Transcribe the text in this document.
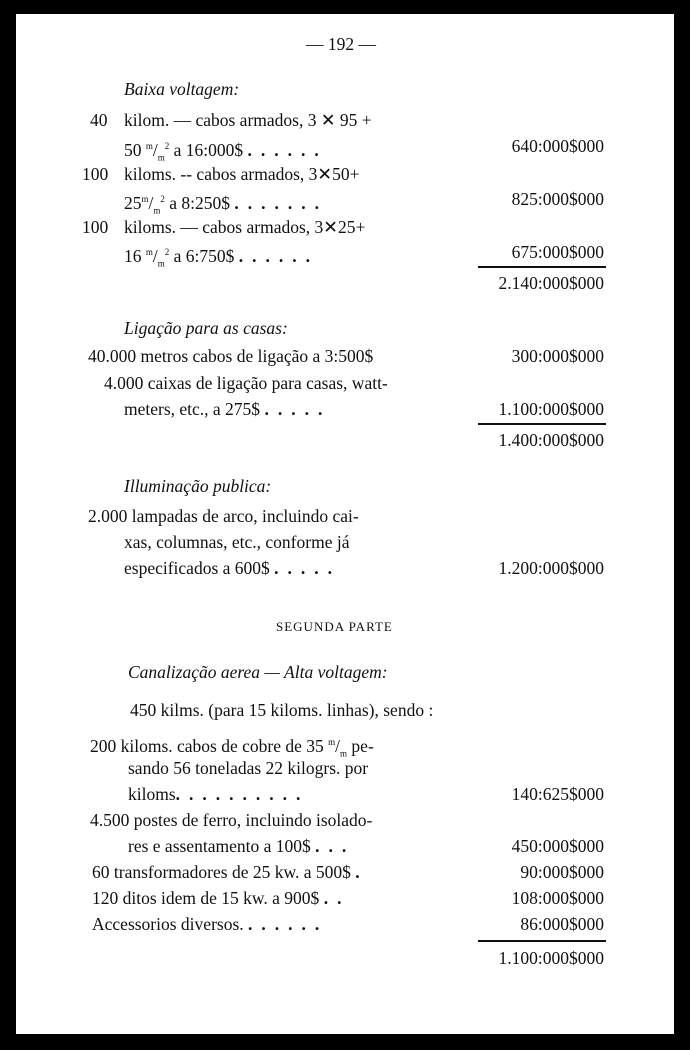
— 192 —
Baixa voltagem:
40 kilom. — cabos armados, 3 ✕ 95 +
50 $^m/_m^2$ a 16:000$ ......	640:000$000
100 kiloms. -- cabos armados, 3✕50+
$25^m/_m^2$ a 8:250$ .......	825:000$000
100 kiloms. — cabos armados, 3✕25+
16 $^m/_m^2$ a 6:750$ ......	675:000$000
2.140:000$000
Ligação para as casas:
40.000 metros cabos de ligação a 3:500$	300:000$000
4.000 caixas de ligação para casas, watt-
meters, etc., a 275$ .....	1.100:000$000
1.400:000$000
Illuminação publica:
2.000 lampadas de arco, incluindo cai-
xas, columnas, etc., conforme já
especificados a 600$ .....	1.200:000$000
SEGUNDA PARTE
Canalização aerea — Alta voltagem:
450 kilms. (para 15 kiloms. linhas), sendo :
200 kiloms. cabos de cobre de 35 $^m/_m$ pe-
sando 56 toneladas 22 kilogrs. por
kiloms..........	140:625$000
4.500 postes de ferro, incluindo isolado-
res e assentamento a 100$ ...	450:000$000
60 transformadores de 25 kw. a 500$ .	90:000$000
120 ditos idem de 15 kw. a 900$ ..	108:000$000
Accessorios diversos. ......	86:000$000
1.100:000$000
